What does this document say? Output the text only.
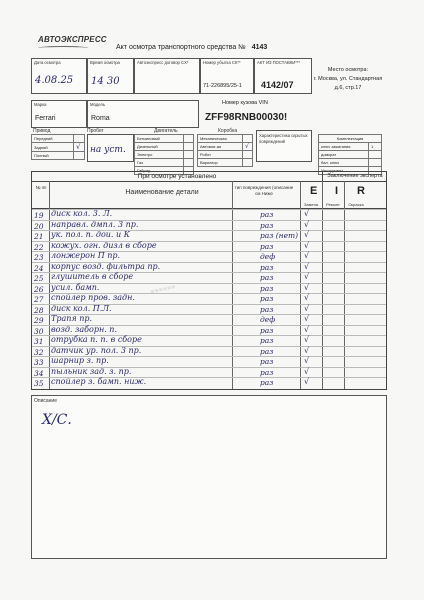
АВТОЭКСПРЕСС
Акт осмотра транспортного средства № 4143
Дата осмотра
4.08.25
Время осмотра
14 30
Автоэкспресс договор CX*	Номер убытка СК**
71-226895/25-1
АКТ ИЗ ПОСТАВКИ***
4142/07
Место осмотра:
г. Москва, ул. Стандартная д.6, стр.17
Марка
Ferrari
Модель
Roma
Номер кузова VIN
ZFF98RNB00030!
Привод
Передний	
Задний	√
Полный	
Пробег
на уст.
Двигатель
Бензиновый	
Дизельный	
Электро	
Газ	
Гибрид	
Коробка
Механическая	
Автомат-ая	√
Робот	
Вариатор	
Характеристика скрытых повреждений
Комплектация	
ключ зажигания	1
домкрат	
бал. ключ	
Инструмент	
При осмотре установлено	Заключение эксперта
№ пп
Наименование детали
тип повреждения (описание см Ниже	E I R
Замена	Ремонт	Окраска
19 диск кол. 3. Л.	раз	√
20 направл. дмпл. 3 пр.	раз	√
21 ук. пол. п. дои. и К	раз (нет) √
22 кожух. огн. дизл в сборе	раз	√
23 лонжерон П пр.	деф	√
24 корпус возд. фильтра пр.	раз	√
25 глушитель в сборе	раз	√
26 усил. бамп.	раз	√
27 спойлер пров. задн.	раз	√
28 диск кол. П.Л.	раз	√
29 Трапя пр.	деф	√
30 возд. заборн. п.	раз	√
31 отрубка п. п. в сборе	раз	√
32 датчик ур. пол. 3 пр.	раз	√
33 шарнир з. пр.	раз	√
34 пыльник зад. з. пр.	раз	√
35 спойлер з. бамп. ниж.	раз	√
▪▪▪▪▪▪
Описание
Х/С.
